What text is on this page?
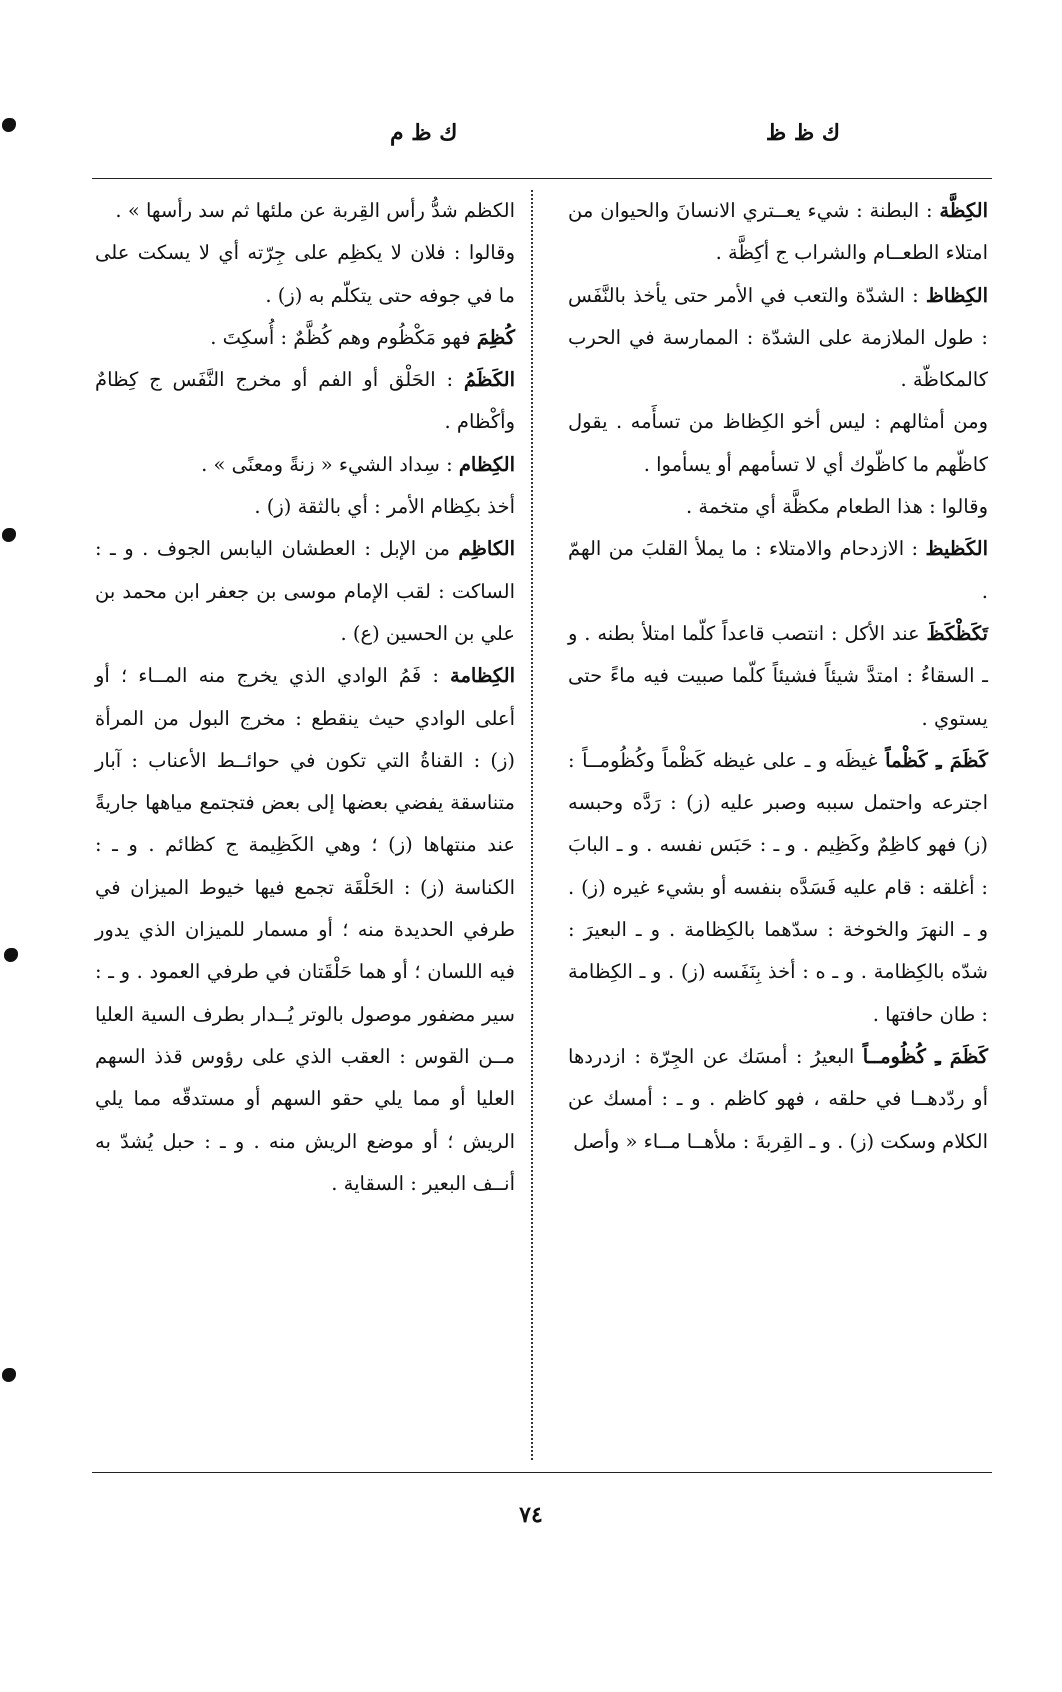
ك ظ ظ
ك ظ م

الكِظَّة : البطنة : شيء يعــتري الانسانَ والحيوان من امتلاء الطعــام والشراب ج أكِظَّة .

الكِظاظ : الشدّة والتعب في الأمر حتى يأخذ بالنَّفَس : طول الملازمة على الشدّة : الممارسة في الحرب كالمكاظّة .

ومن أمثالهم : ليس أخو الكِظاظ من تسأَمه . يقول كاظّهم ما كاظّوك أي لا تسأمهم أو يسأموا .

وقالوا : هذا الطعام مكظَّة أي متخمة .

الكَظيظ : الازدحام والامتلاء : ما يملأ القلبَ من الهمّ .

تَكَظْكَظَ عند الأكل : انتصب قاعداً كلّما امتلأ بطنه . و ـ السقاءُ : امتدَّ شيئاً فشيئاً كلّما صبيت فيه ماءً حتى يستوي .

كَظَمَ ـِ كَظْماً غيظَه و ـ على غيظه كَظْماً وكُظُومــاً : اجترعه واحتمل سببه وصبر عليه (ز) : رَدَّه وحبسه (ز) فهو كاظِمٌ وكَظِيم . و ـ : حَبَس نفسه . و ـ البابَ : أغلقه : قام عليه فَسَدَّه بنفسه أو بشيء غيره (ز) . و ـ النهرَ والخوخة : سدّهما بالكِظامة . و ـ البعيرَ : شدّه بالكِظامة . و ـ ه : أخذ بِنَفَسه (ز) . و ـ الكِظامة : طان حافتها .

كَظَمَ ـِ كُظُومــاً البعيرُ : أمسَك عن الجِرّة : ازدردها أو ردّدهــا في حلقه ، فهو كاظم . و ـ : أمسك عن الكلام وسكت (ز) . و ـ القِربةَ : ملأهــا مــاء « وأصل

الكظم شدُّ رأس القِربة عن ملئها ثم سد رأسها » .

وقالوا : فلان لا يكظِم على جِرّته أي لا يسكت على ما في جوفه حتى يتكلّم به (ز) .

كُظِمَ فهو مَكْظُوم وهم كُظَّمٌ : أُسكِتَ .

الكَظَمُ : الحَلْق أو الفم أو مخرج النَّفَس ج كِظامٌ وأكْظام .

الكِظام : سِداد الشيء « زنةً ومعنًى » .

أخذ بكِظام الأمر : أي بالثقة (ز) .

الكاظِم من الإبل : العطشان اليابس الجوف . و ـ : الساكت : لقب الإمام موسى بن جعفر ابن محمد بن علي بن الحسين (ع) .

الكِظامة : فَمُ الوادي الذي يخرج منه المــاء ؛ أو أعلى الوادي حيث ينقطع : مخرج البول من المرأة (ز) : القناةُ التي تكون في حوائــط الأعناب : آبار متناسقة يفضي بعضها إلى بعض فتجتمع مياهها جاريةً عند منتهاها (ز) ؛ وهي الكَظِيمة ج كظائم . و ـ : الكناسة (ز) : الحَلْقَة تجمع فيها خيوط الميزان في طرفي الحديدة منه ؛ أو مسمار للميزان الذي يدور فيه اللسان ؛ أو هما حَلْقَتان في طرفي العمود . و ـ : سير مضفور موصول بالوتر يُــدار بطرف السية العليا مــن القوس : العقب الذي على رؤوس قذذ السهم العليا أو مما يلي حقو السهم أو مستدقّه مما يلي الريش ؛ أو موضع الريش منه . و ـ : حبل يُشدّ به أنــف البعير : السقاية .

٧٤
